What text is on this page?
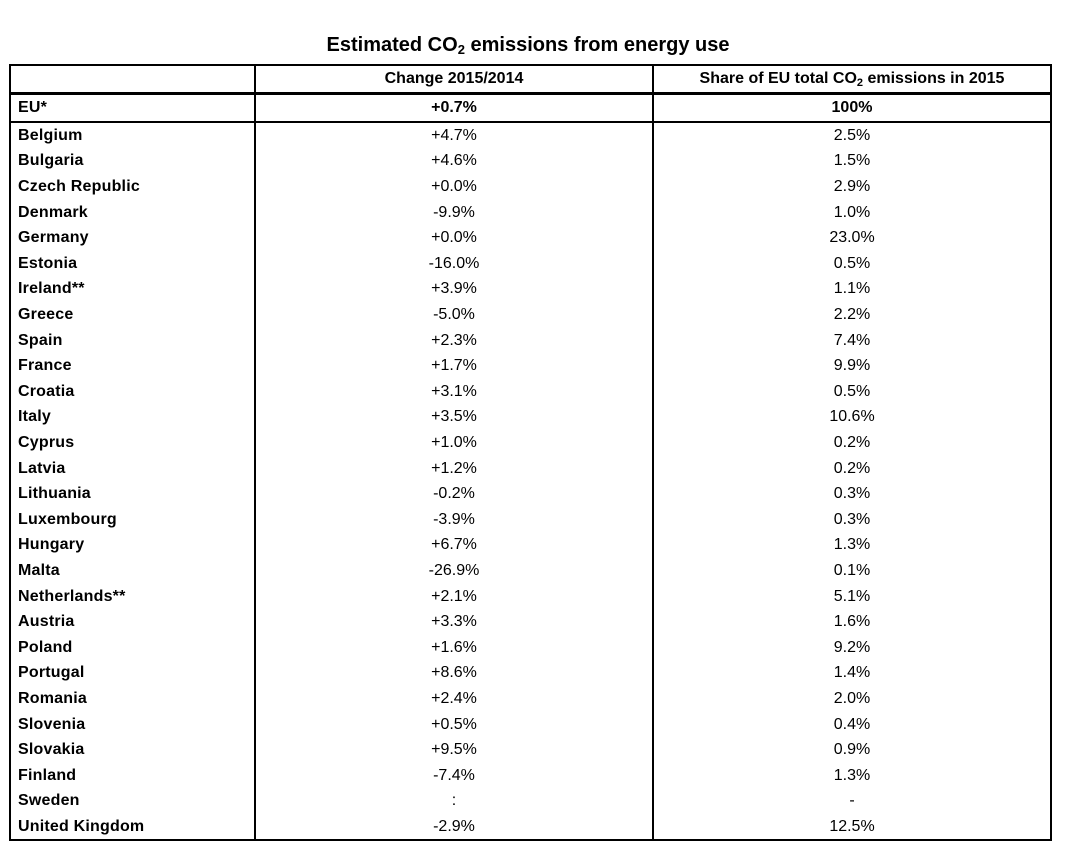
Estimated $CO_2$ emissions from energy use
	Change 2015/2014	Share of EU total $CO_2$ emissions in 2015
EU*	+0.7%	100%
Belgium	+4.7%	2.5%
Bulgaria	+4.6%	1.5%
Czech Republic	+0.0%	2.9%
Denmark	-9.9%	1.0%
Germany	+0.0%	23.0%
Estonia	-16.0%	0.5%
Ireland**	+3.9%	1.1%
Greece	-5.0%	2.2%
Spain	+2.3%	7.4%
France	+1.7%	9.9%
Croatia	+3.1%	0.5%
Italy	+3.5%	10.6%
Cyprus	+1.0%	0.2%
Latvia	+1.2%	0.2%
Lithuania	-0.2%	0.3%
Luxembourg	-3.9%	0.3%
Hungary	+6.7%	1.3%
Malta	-26.9%	0.1%
Netherlands**	+2.1%	5.1%
Austria	+3.3%	1.6%
Poland	+1.6%	9.2%
Portugal	+8.6%	1.4%
Romania	+2.4%	2.0%
Slovenia	+0.5%	0.4%
Slovakia	+9.5%	0.9%
Finland	-7.4%	1.3%
Sweden	:	-
United Kingdom	-2.9%	12.5%
